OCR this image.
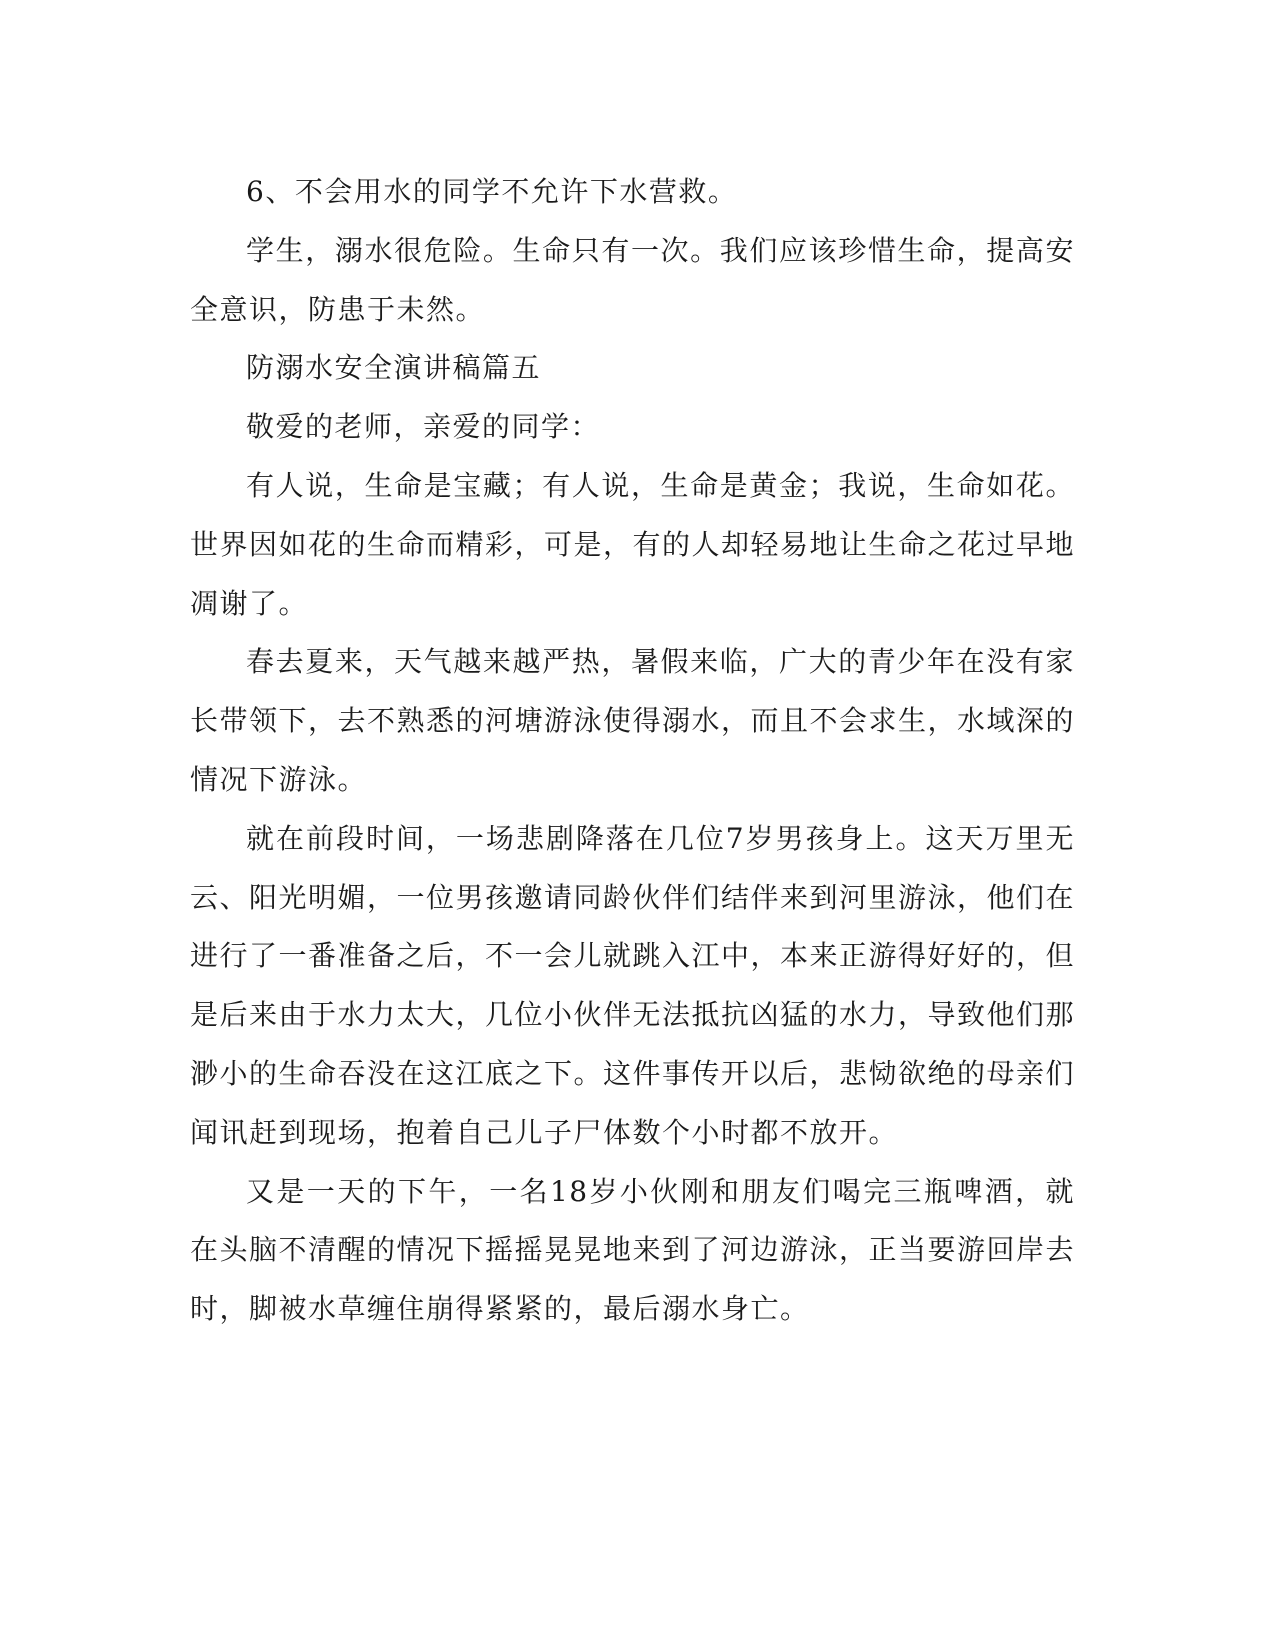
6、不会用水的同学不允许下水营救。

学生，溺水很危险。生命只有一次。我们应该珍惜生命，提高安全意识，防患于未然。

防溺水安全演讲稿篇五

敬爱的老师，亲爱的同学：

有人说，生命是宝藏；有人说，生命是黄金；我说，生命如花。世界因如花的生命而精彩，可是，有的人却轻易地让生命之花过早地凋谢了。

春去夏来，天气越来越严热，暑假来临，广大的青少年在没有家长带领下，去不熟悉的河塘游泳使得溺水，而且不会求生，水域深的情况下游泳。

就在前段时间，一场悲剧降落在几位7岁男孩身上。这天万里无云、阳光明媚，一位男孩邀请同龄伙伴们结伴来到河里游泳，他们在进行了一番准备之后，不一会儿就跳入江中，本来正游得好好的，但是后来由于水力太大，几位小伙伴无法抵抗凶猛的水力，导致他们那渺小的生命吞没在这江底之下。这件事传开以后，悲恸欲绝的母亲们闻讯赶到现场，抱着自己儿子尸体数个小时都不放开。

又是一天的下午，一名18岁小伙刚和朋友们喝完三瓶啤酒，就在头脑不清醒的情况下摇摇晃晃地来到了河边游泳，正当要游回岸去时，脚被水草缠住崩得紧紧的，最后溺水身亡。
